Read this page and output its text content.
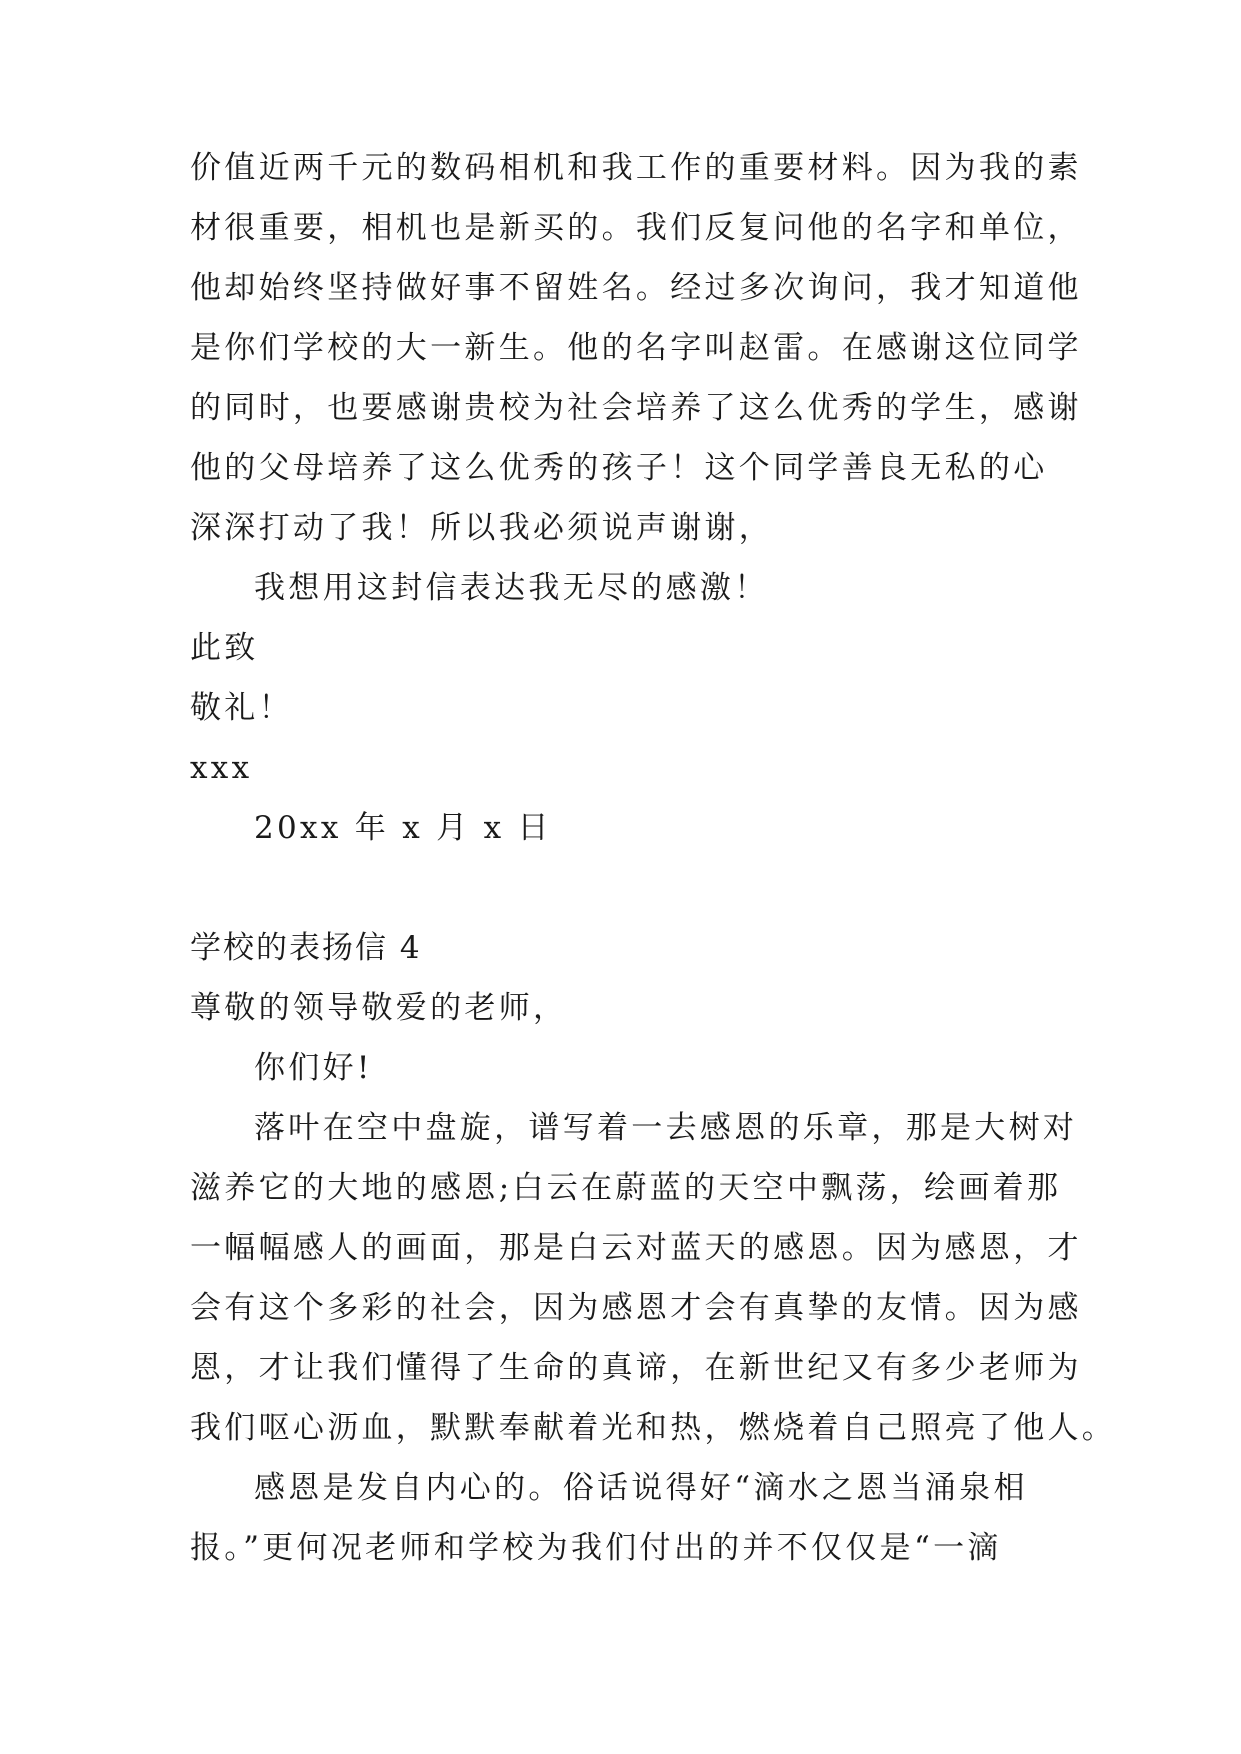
价值近两千元的数码相机和我工作的重要材料。因为我的素
材很重要，相机也是新买的。我们反复问他的名字和单位，
他却始终坚持做好事不留姓名。经过多次询问，我才知道他
是你们学校的大一新生。他的名字叫赵雷。在感谢这位同学
的同时，也要感谢贵校为社会培养了这么优秀的学生，感谢
他的父母培养了这么优秀的孩子！这个同学善良无私的心
深深打动了我！所以我必须说声谢谢，
我想用这封信表达我无尽的感激！
此致
敬礼！
xxx
20xx 年 x 月 x 日
学校的表扬信 4
尊敬的领导敬爱的老师，
你们好!
落叶在空中盘旋，谱写着一去感恩的乐章，那是大树对
滋养它的大地的感恩;白云在蔚蓝的天空中飘荡，绘画着那
一幅幅感人的画面，那是白云对蓝天的感恩。因为感恩，才
会有这个多彩的社会，因为感恩才会有真挚的友情。因为感
恩，才让我们懂得了生命的真谛，在新世纪又有多少老师为
我们呕心沥血，默默奉献着光和热，燃烧着自己照亮了他人。
感恩是发自内心的。俗话说得好“滴水之恩当涌泉相
报。”更何况老师和学校为我们付出的并不仅仅是“一滴
